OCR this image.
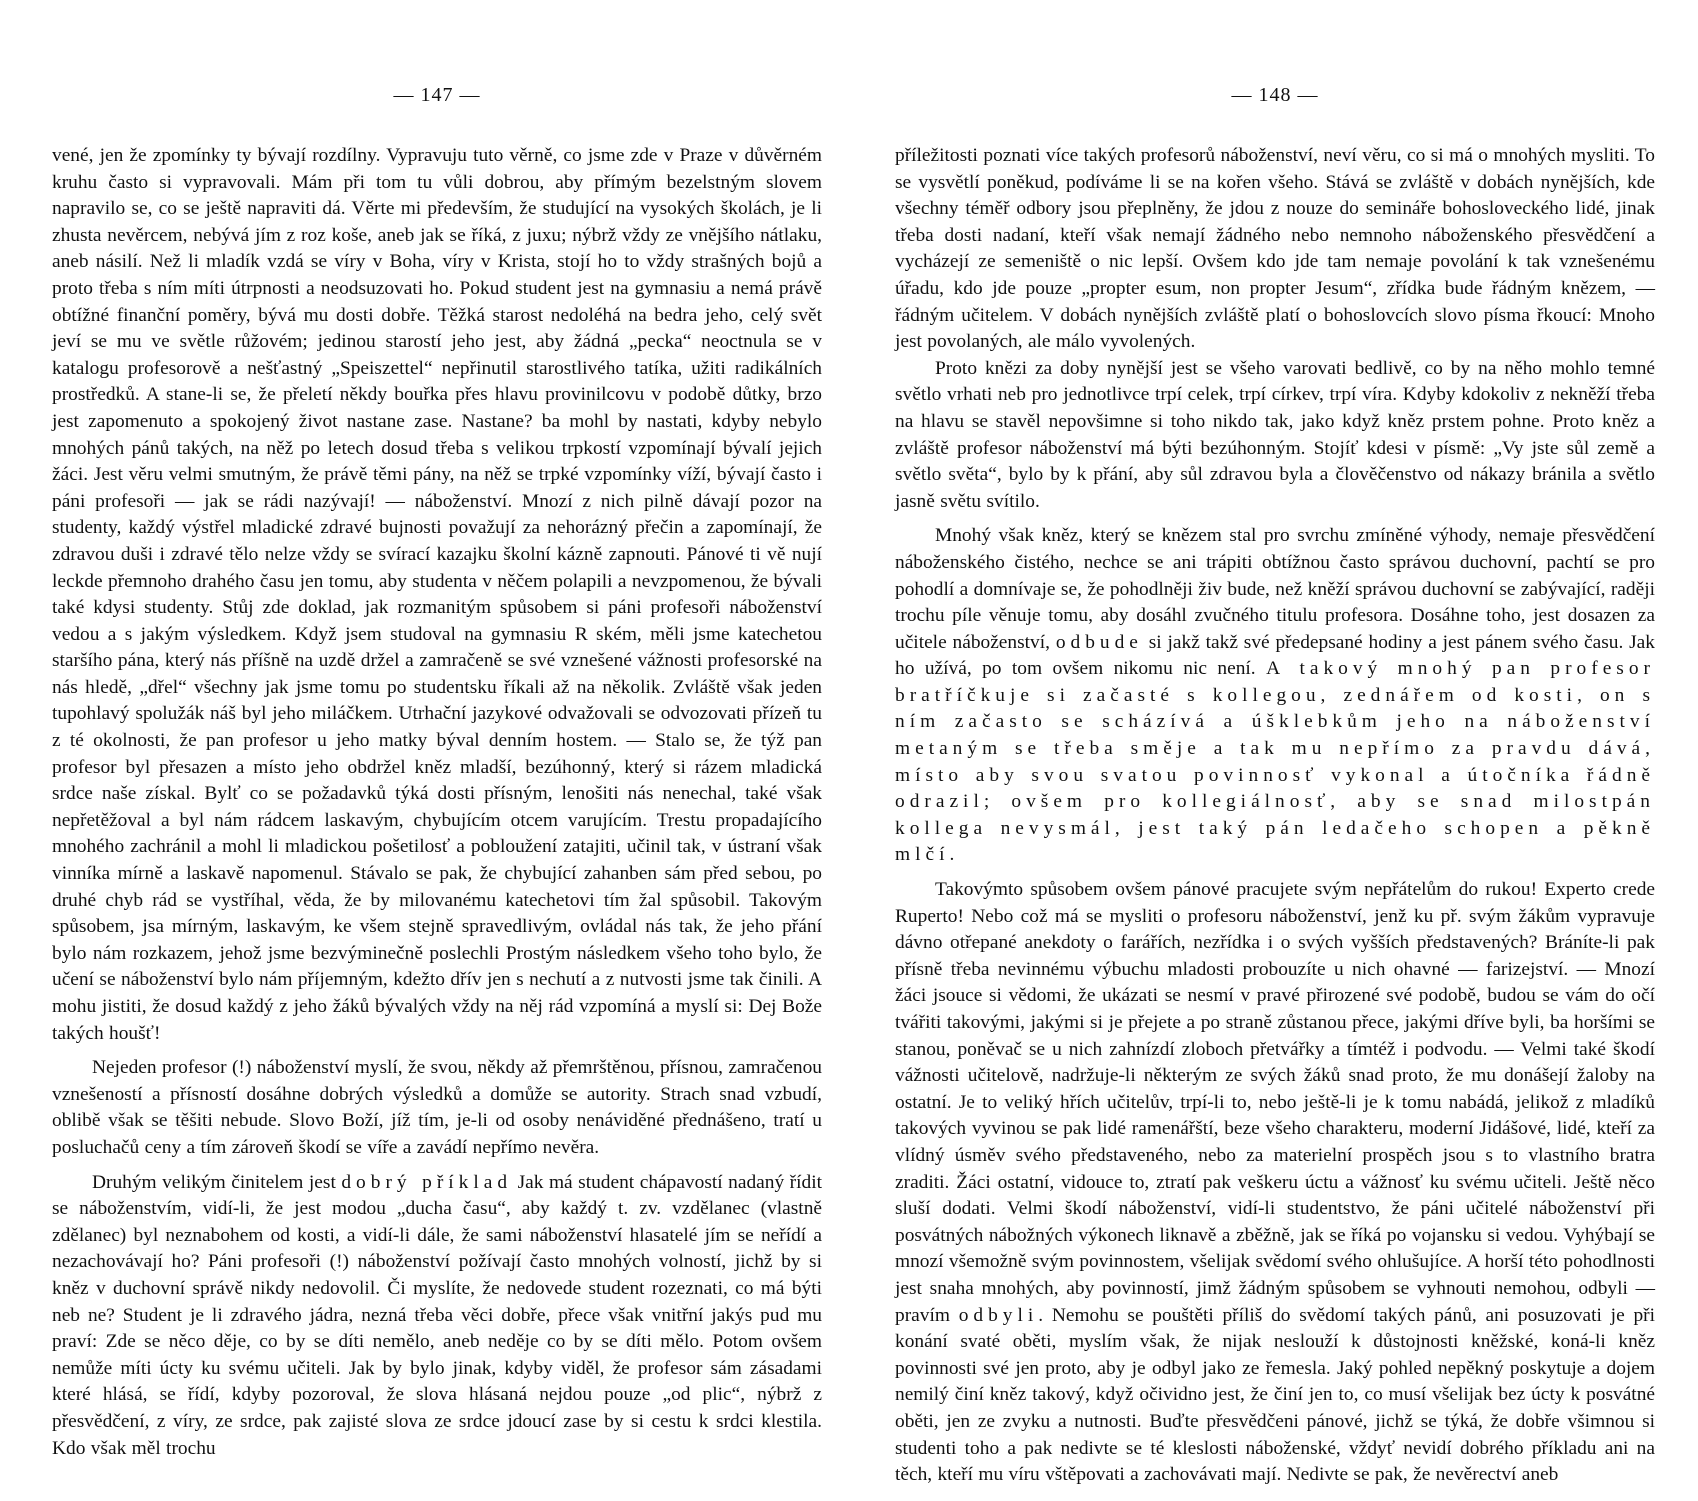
— 147 —

vené, jen že zpomínky ty bývají rozdílny. Vypravuju tuto věrně, co jsme zde v Praze v důvěrném kruhu často si vypravovali. Mám při tom tu vůli dobrou, aby přímým bezelstným slovem napravilo se, co se ještě napraviti dá. Věrte mi především, že studující na vysokých školách, je li zhusta nevěrcem, nebývá jím z roz koše, aneb jak se říká, z juxu; nýbrž vždy ze vnějšího nátlaku, aneb násilí. Než li mladík vzdá se víry v Boha, víry v Krista, stojí ho to vždy strašných bojů a proto třeba s ním míti útrpnosti a neodsuzovati ho. Pokud student jest na gymnasiu a nemá právě obtížné finanční poměry, bývá mu dosti dobře. Těžká starost nedoléhá na bedra jeho, celý svět jeví se mu ve světle růžovém; jedinou starostí jeho jest, aby žádná „pecka“ neoctnula se v katalogu profesorově a nešťastný „Speiszettel“ nepřinutil starostlivého tatíka, užiti radikálních prostředků. A stane-li se, že přeletí někdy bouřka přes hlavu provinilcovu v podobě důtky, brzo jest zapomenuto a spokojený život nastane zase. Nastane? ba mohl by nastati, kdyby nebylo mnohých pánů takých, na něž po letech dosud třeba s velikou trpkostí vzpomínají bývalí jejich žáci. Jest věru velmi smutným, že právě těmi pány, na něž se trpké vzpomínky víží, bývají často i páni profesoři — jak se rádi nazývají! — náboženství. Mnozí z nich pilně dávají pozor na studenty, každý výstřel mladické zdravé bujnosti považují za nehorázný přečin a zapomínají, že zdravou duši i zdravé tělo nelze vždy se svírací kazajku školní kázně zapnouti. Pánové ti vě nují leckde přemnoho drahého času jen tomu, aby studenta v něčem polapili a nevzpomenou, že bývali také kdysi studenty. Stůj zde doklad, jak rozmanitým spůsobem si páni profesoři náboženství vedou a s jakým výsledkem. Když jsem studoval na gymnasiu R ském, měli jsme katechetou staršího pána, který nás příšně na uzdě držel a zamračeně se své vznešené vážnosti profesorské na nás hledě, „dřel“ všechny jak jsme tomu po studentsku říkali až na několik. Zvláště však jeden tupohlavý spolužák náš byl jeho miláčkem. Utrhační jazykové odvažovali se odvozovati přízeň tu z té okolnosti, že pan profesor u jeho matky býval denním hostem. — Stalo se, že týž pan profesor byl přesazen a místo jeho obdržel kněz mladší, bezúhonný, který si rázem mladická srdce naše získal. Bylť co se požadavků týká dosti přísným, lenošiti nás nenechal, také však nepřetěžoval a byl nám rádcem laskavým, chybujícím otcem varujícím. Trestu propadajícího mnohého zachránil a mohl li mladickou pošetilosť a pobloužení zatajiti, učinil tak, v ústraní však vinníka mírně a laskavě napomenul. Stávalo se pak, že chybující zahanben sám před sebou, po druhé chyb rád se vystříhal, věda, že by milovanému katechetovi tím žal spůsobil. Takovým spůsobem, jsa mírným, laskavým, ke všem stejně spravedlivým, ovládal nás tak, že jeho přání bylo nám rozkazem, jehož jsme bezvýminečně poslechli Prostým následkem všeho toho bylo, že učení se náboženství bylo nám příjemným, kdežto dřív jen s nechutí a z nutvosti jsme tak činili. A mohu jistiti, že dosud každý z jeho žáků bývalých vždy na něj rád vzpomíná a myslí si: Dej Bože takých houšť!

Nejeden profesor (!) náboženství myslí, že svou, někdy až přemrštěnou, přísnou, zamračenou vznešeností a přísností dosáhne dobrých výsledků a domůže se autority. Strach snad vzbudí, oblibě však se těšiti nebude. Slovo Boží, jíž tím, je-li od osoby nenáviděné přednášeno, tratí u posluchačů ceny a tím zároveň škodí se víře a zavádí nepřímo nevěra.

Druhým velikým činitelem jest dobrý příklad Jak má student chápavostí nadaný řídit se náboženstvím, vidí-li, že jest modou „ducha času“, aby každý t. zv. vzdělanec (vlastně zdělanec) byl neznabohem od kosti, a vidí-li dále, že sami náboženství hlasatelé jím se neřídí a nezachovávají ho? Páni profesoři (!) náboženství požívají často mnohých volností, jichž by si kněz v duchovní správě nikdy nedovolil. Či myslíte, že nedovede student rozeznati, co má býti neb ne? Student je li zdravého jádra, nezná třeba věci dobře, přece však vnitřní jakýs pud mu praví: Zde se něco děje, co by se díti nemělo, aneb neděje co by se díti mělo. Potom ovšem nemůže míti úcty ku svému učiteli. Jak by bylo jinak, kdyby viděl, že profesor sám zásadami které hlásá, se řídí, kdyby pozoroval, že slova hlásaná nejdou pouze „od plic“, nýbrž z přesvědčení, z víry, ze srdce, pak zajisté slova ze srdce jdoucí zase by si cestu k srdci klestila. Kdo však měl trochu

— 148 —

příležitosti poznati více takých profesorů náboženství, neví věru, co si má o mnohých mysliti. To se vysvětlí poněkud, podíváme li se na kořen všeho. Stává se zvláště v dobách nynějších, kde všechny téměř odbory jsou přeplněny, že jdou z nouze do semináře bohosloveckého lidé, jinak třeba dosti nadaní, kteří však nemají žádného nebo nemnoho náboženského přesvědčení a vycházejí ze semeniště o nic lepší. Ovšem kdo jde tam nemaje povolání k tak vznešenému úřadu, kdo jde pouze „propter esum, non propter Jesum“, zřídka bude řádným knězem, — řádným učitelem. V dobách nynějších zvláště platí o bohoslovcích slovo písma řkoucí: Mnoho jest povolaných, ale málo vyvolených.

Proto knězi za doby nynější jest se všeho varovati bedlivě, co by na něho mohlo temné světlo vrhati neb pro jednotlivce trpí celek, trpí církev, trpí víra. Kdyby kdokoliv z nekněží třeba na hlavu se stavěl nepovšimne si toho nikdo tak, jako když kněz prstem pohne. Proto kněz a zvláště profesor náboženství má býti bezúhonným. Stojíť kdesi v písmě: „Vy jste sůl země a světlo světa“, bylo by k přání, aby sůl zdravou byla a člověčenstvo od nákazy bránila a světlo jasně světu svítilo.

Mnohý však kněz, který se knězem stal pro svrchu zmíněné výhody, nemaje přesvědčení náboženského čistého, nechce se ani trápiti obtížnou často správou duchovní, pachtí se pro pohodlí a domnívaje se, že pohodlněji živ bude, než kněží správou duchovní se zabývající, raději trochu píle věnuje tomu, aby dosáhl zvučného titulu profesora. Dosáhne toho, jest dosazen za učitele náboženství, odbude si jakž takž své předepsané hodiny a jest pánem svého času. Jak ho užívá, po tom ovšem nikomu nic není. A takový mnohý pan profesor bratříčkuje si začasté s kollegou, zednářem od kosti, on s ním začasto se scházívá a úšklebkům jeho na náboženství metaným se třeba směje a tak mu nepřímo za pravdu dává, místo aby svou svatou povinnosť vykonal a útočníka řádně odrazil; ovšem pro kollegiálnosť, aby se snad milostpán kollega nevysmál, jest taký pán ledačeho schopen a pěkně mlčí.

Takovýmto spůsobem ovšem pánové pracujete svým nepřátelům do rukou! Experto crede Ruperto! Nebo což má se mysliti o profesoru náboženství, jenž ku př. svým žákům vypravuje dávno otřepané anekdoty o farářích, nezřídka i o svých vyšších představených? Bráníte-li pak přísně třeba nevinnému výbuchu mladosti probouzíte u nich ohavné — farizejství. — Mnozí žáci jsouce si vědomi, že ukázati se nesmí v pravé přirozené své podobě, budou se vám do očí tvářiti takovými, jakými si je přejete a po straně zůstanou přece, jakými dříve byli, ba horšími se stanou, poněvač se u nich zahnízdí zloboch přetvářky a tímtéž i podvodu. — Velmi také škodí vážnosti učitelově, nadržuje-li některým ze svých žáků snad proto, že mu donášejí žaloby na ostatní. Je to veliký hřích učitelův, trpí-li to, nebo ještě-li je k tomu nabádá, jelikož z mladíků takových vyvinou se pak lidé ramenářští, beze všeho charakteru, moderní Jidášové, lidé, kteří za vlídný úsměv svého představeného, nebo za materielní prospěch jsou s to vlastního bratra zraditi. Žáci ostatní, vidouce to, ztratí pak veškeru úctu a vážnosť ku svému učiteli. Ještě něco sluší dodati. Velmi škodí náboženství, vidí-li studentstvo, že páni učitelé náboženství při posvátných nábožných výkonech liknavě a zběžně, jak se říká po vojansku si vedou. Vyhýbají se mnozí všemožně svým povinnostem, všelijak svědomí svého ohlušujíce. A horší této pohodlnosti jest snaha mnohých, aby povinností, jimž žádným spůsobem se vyhnouti nemohou, odbyli — pravím odbyli. Nemohu se pouštěti příliš do svědomí takých pánů, ani posuzovati je při konání svaté oběti, myslím však, že nijak neslouží k důstojnosti kněžské, koná-li kněz povinnosti své jen proto, aby je odbyl jako ze řemesla. Jaký pohled nepěkný poskytuje a dojem nemilý činí kněz takový, když očividno jest, že činí jen to, co musí všelijak bez úcty k posvátné oběti, jen ze zvyku a nutnosti. Buďte přesvědčeni pánové, jichž se týká, že dobře všimnou si studenti toho a pak nedivte se té kleslosti náboženské, vždyť nevidí dobrého příkladu ani na těch, kteří mu víru vštěpovati a zachovávati mají. Nedivte se pak, že nevěrectví aneb
